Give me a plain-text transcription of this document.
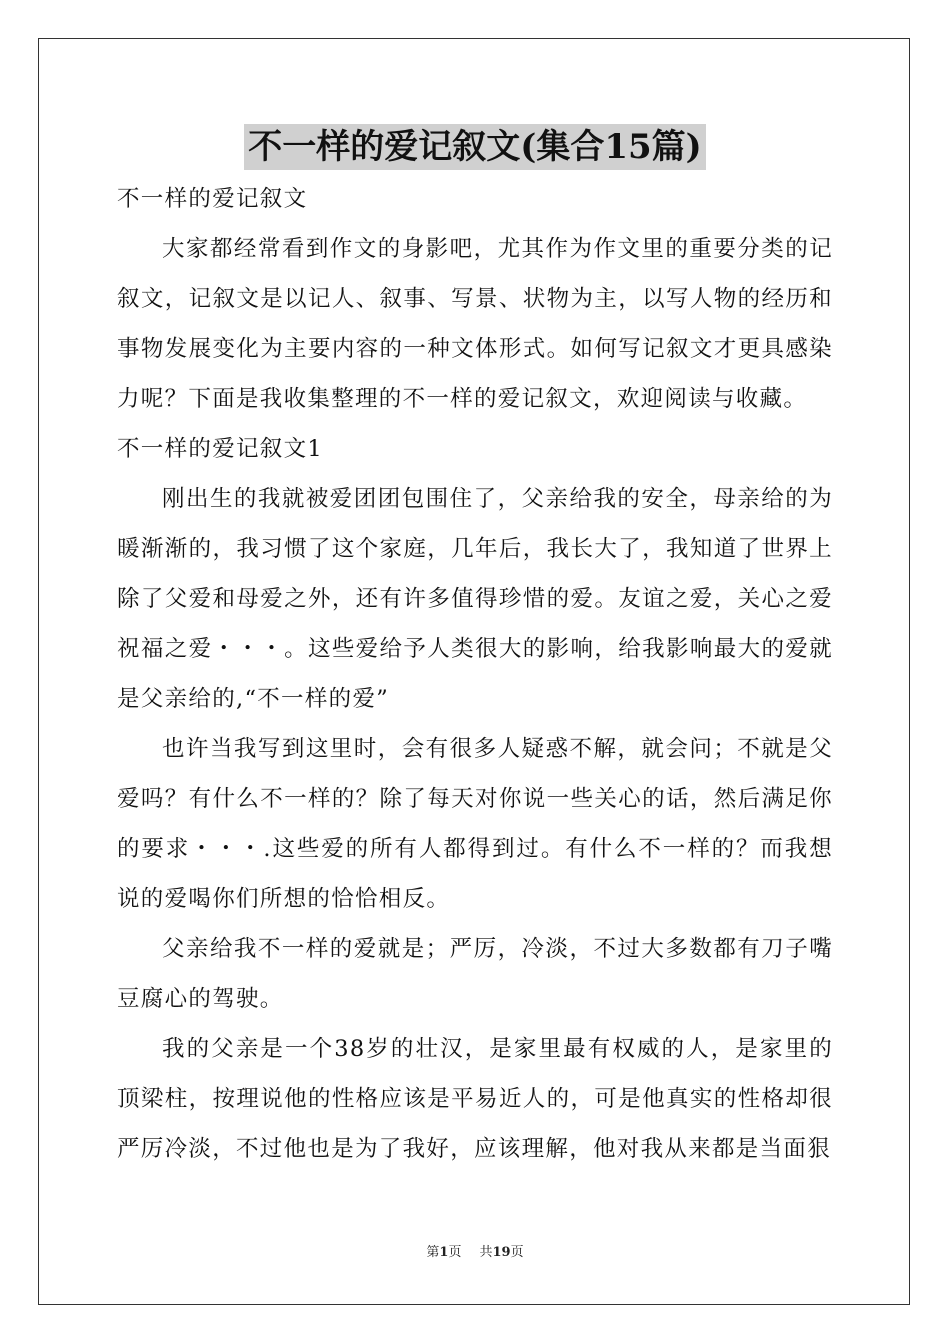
不一样的爱记叙文(集合15篇)

不一样的爱记叙文

大家都经常看到作文的身影吧，尤其作为作文里的重要分类的记叙文，记叙文是以记人、叙事、写景、状物为主，以写人物的经历和事物发展变化为主要内容的一种文体形式。如何写记叙文才更具感染力呢？下面是我收集整理的不一样的爱记叙文，欢迎阅读与收藏。

不一样的爱记叙文1

刚出生的我就被爱团团包围住了，父亲给我的安全，母亲给的为暖渐渐的，我习惯了这个家庭，几年后，我长大了，我知道了世界上除了父爱和母爱之外，还有许多值得珍惜的爱。友谊之爱，关心之爱祝福之爱・・・。这些爱给予人类很大的影响，给我影响最大的爱就是父亲给的,“不一样的爱”

也许当我写到这里时，会有很多人疑惑不解，就会问；不就是父爱吗？有什么不一样的？除了每天对你说一些关心的话，然后满足你的要求・・・.这些爱的所有人都得到过。有什么不一样的？而我想说的爱喝你们所想的恰恰相反。

父亲给我不一样的爱就是；严厉，冷淡，不过大多数都有刀子嘴豆腐心的驾驶。

我的父亲是一个38岁的壮汉，是家里最有权威的人，是家里的顶梁柱，按理说他的性格应该是平易近人的，可是他真实的性格却很严厉冷淡，不过他也是为了我好，应该理解，他对我从来都是当面狠

第1页 共19页
